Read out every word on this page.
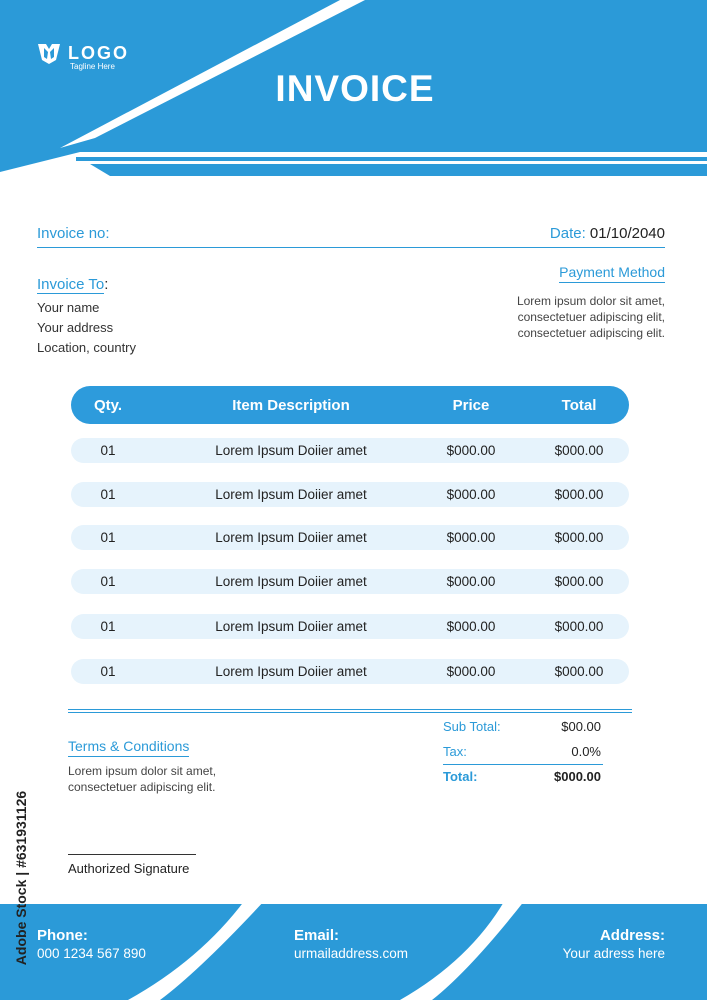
LOGO
Tagline Here
INVOICE
Invoice no:	Date: 01/10/2040
Invoice To:
Your name
Your address
Location, country
Payment Method
Lorem ipsum dolor sit amet,
consectetuer adipiscing elit,
consectetuer adipiscing elit.
Qty.	Item Description	Price	Total
01	Lorem Ipsum Doiier amet	$000.00	$000.00
01	Lorem Ipsum Doiier amet	$000.00	$000.00
01	Lorem Ipsum Doiier amet	$000.00	$000.00
01	Lorem Ipsum Doiier amet	$000.00	$000.00
01	Lorem Ipsum Doiier amet	$000.00	$000.00
01	Lorem Ipsum Doiier amet	$000.00	$000.00
Terms & Conditions
Lorem ipsum dolor sit amet,
consectetuer adipiscing elit.
Sub Total:	$00.00
Tax:	0.0%
Total:	$000.00
Authorized Signature
Phone:
000 1234 567 890
Email:
urmailaddress.com
Address:
Your adress here
Adobe Stock | #631931126
